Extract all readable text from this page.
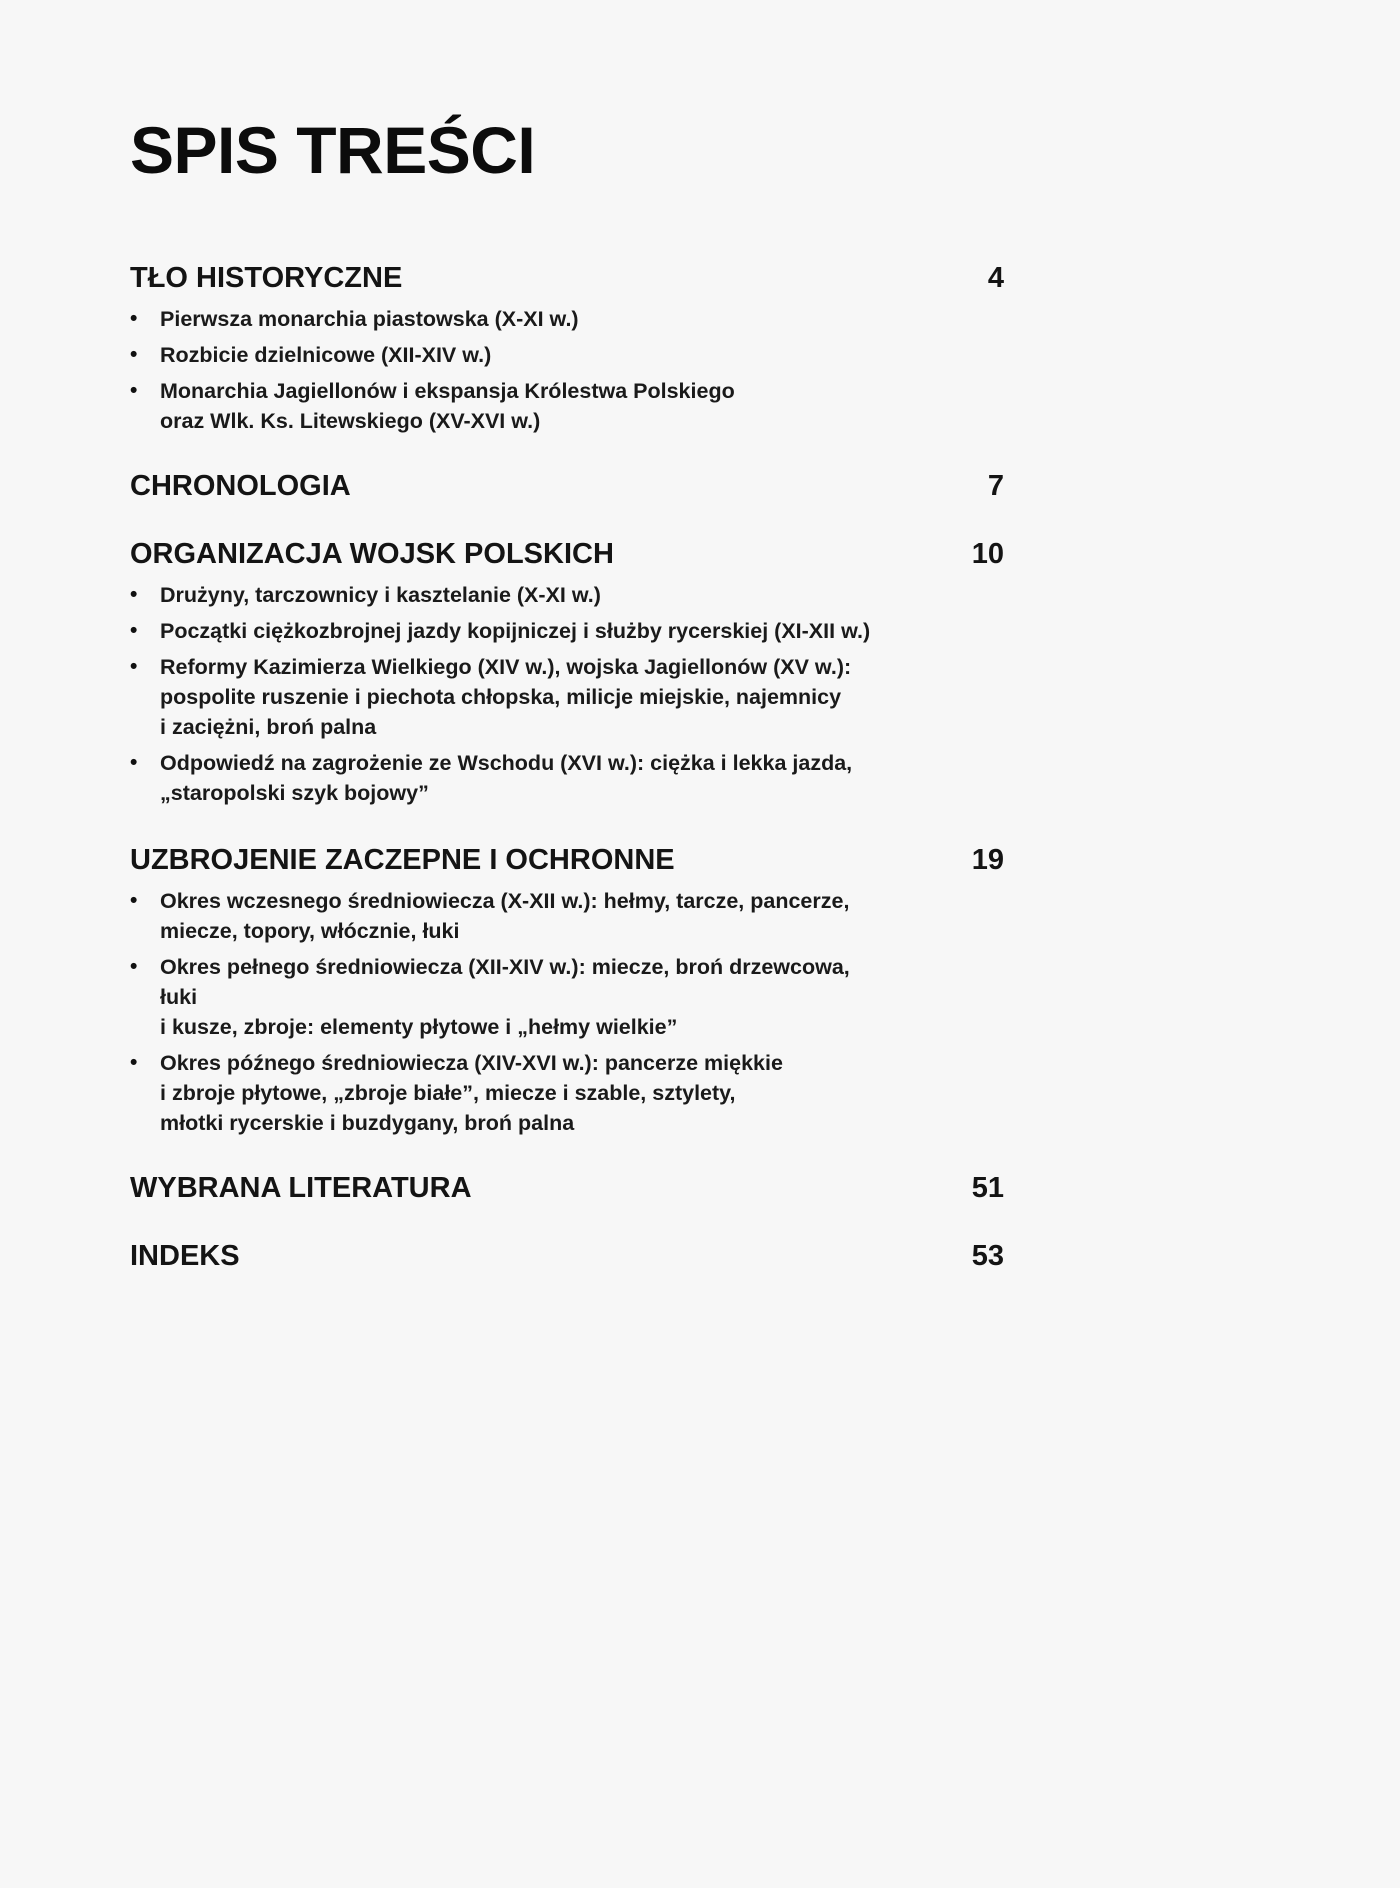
SPIS TREŚCI
TŁO HISTORYCZNE	4
• Pierwsza monarchia piastowska (X-XI w.)
• Rozbicie dzielnicowe (XII-XIV w.)
• Monarchia Jagiellonów i ekspansja Królestwa Polskiego
oraz Wlk. Ks. Litewskiego (XV-XVI w.)
CHRONOLOGIA	7
ORGANIZACJA WOJSK POLSKICH	10
• Drużyny, tarczownicy i kasztelanie (X-XI w.)
• Początki ciężkozbrojnej jazdy kopijniczej i służby rycerskiej (XI-XII w.)
• Reformy Kazimierza Wielkiego (XIV w.), wojska Jagiellonów (XV w.):
pospolite ruszenie i piechota chłopska, milicje miejskie, najemnicy
i zaciężni, broń palna
• Odpowiedź na zagrożenie ze Wschodu (XVI w.): ciężka i lekka jazda,
„staropolski szyk bojowy”
UZBROJENIE ZACZEPNE I OCHRONNE	19
• Okres wczesnego średniowiecza (X-XII w.): hełmy, tarcze, pancerze,
miecze, topory, włócznie, łuki
• Okres pełnego średniowiecza (XII-XIV w.): miecze, broń drzewcowa,
łuki
i kusze, zbroje: elementy płytowe i „hełmy wielkie”
• Okres późnego średniowiecza (XIV-XVI w.): pancerze miękkie
i zbroje płytowe, „zbroje białe”, miecze i szable, sztylety,
młotki rycerskie i buzdygany, broń palna
WYBRANA LITERATURA	51
INDEKS	53
